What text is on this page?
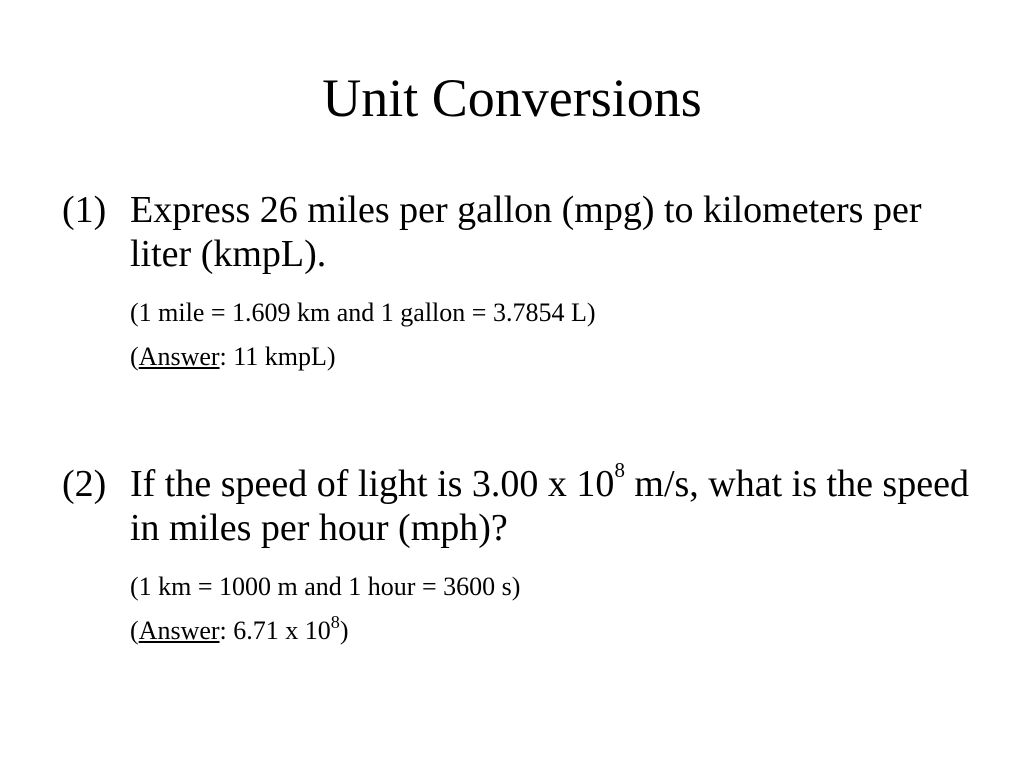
Unit Conversions
(1) Express 26 miles per gallon (mpg) to kilometers per liter (kmpL).
(1 mile = 1.609 km and 1 gallon = 3.7854 L)
(Answer: 11 kmpL)
(2) If the speed of light is 3.00 x $10^8$ m/s, what is the speed in miles per hour (mph)?
(1 km = 1000 m and 1 hour = 3600 s)
(Answer: 6.71 x $10^8$)
